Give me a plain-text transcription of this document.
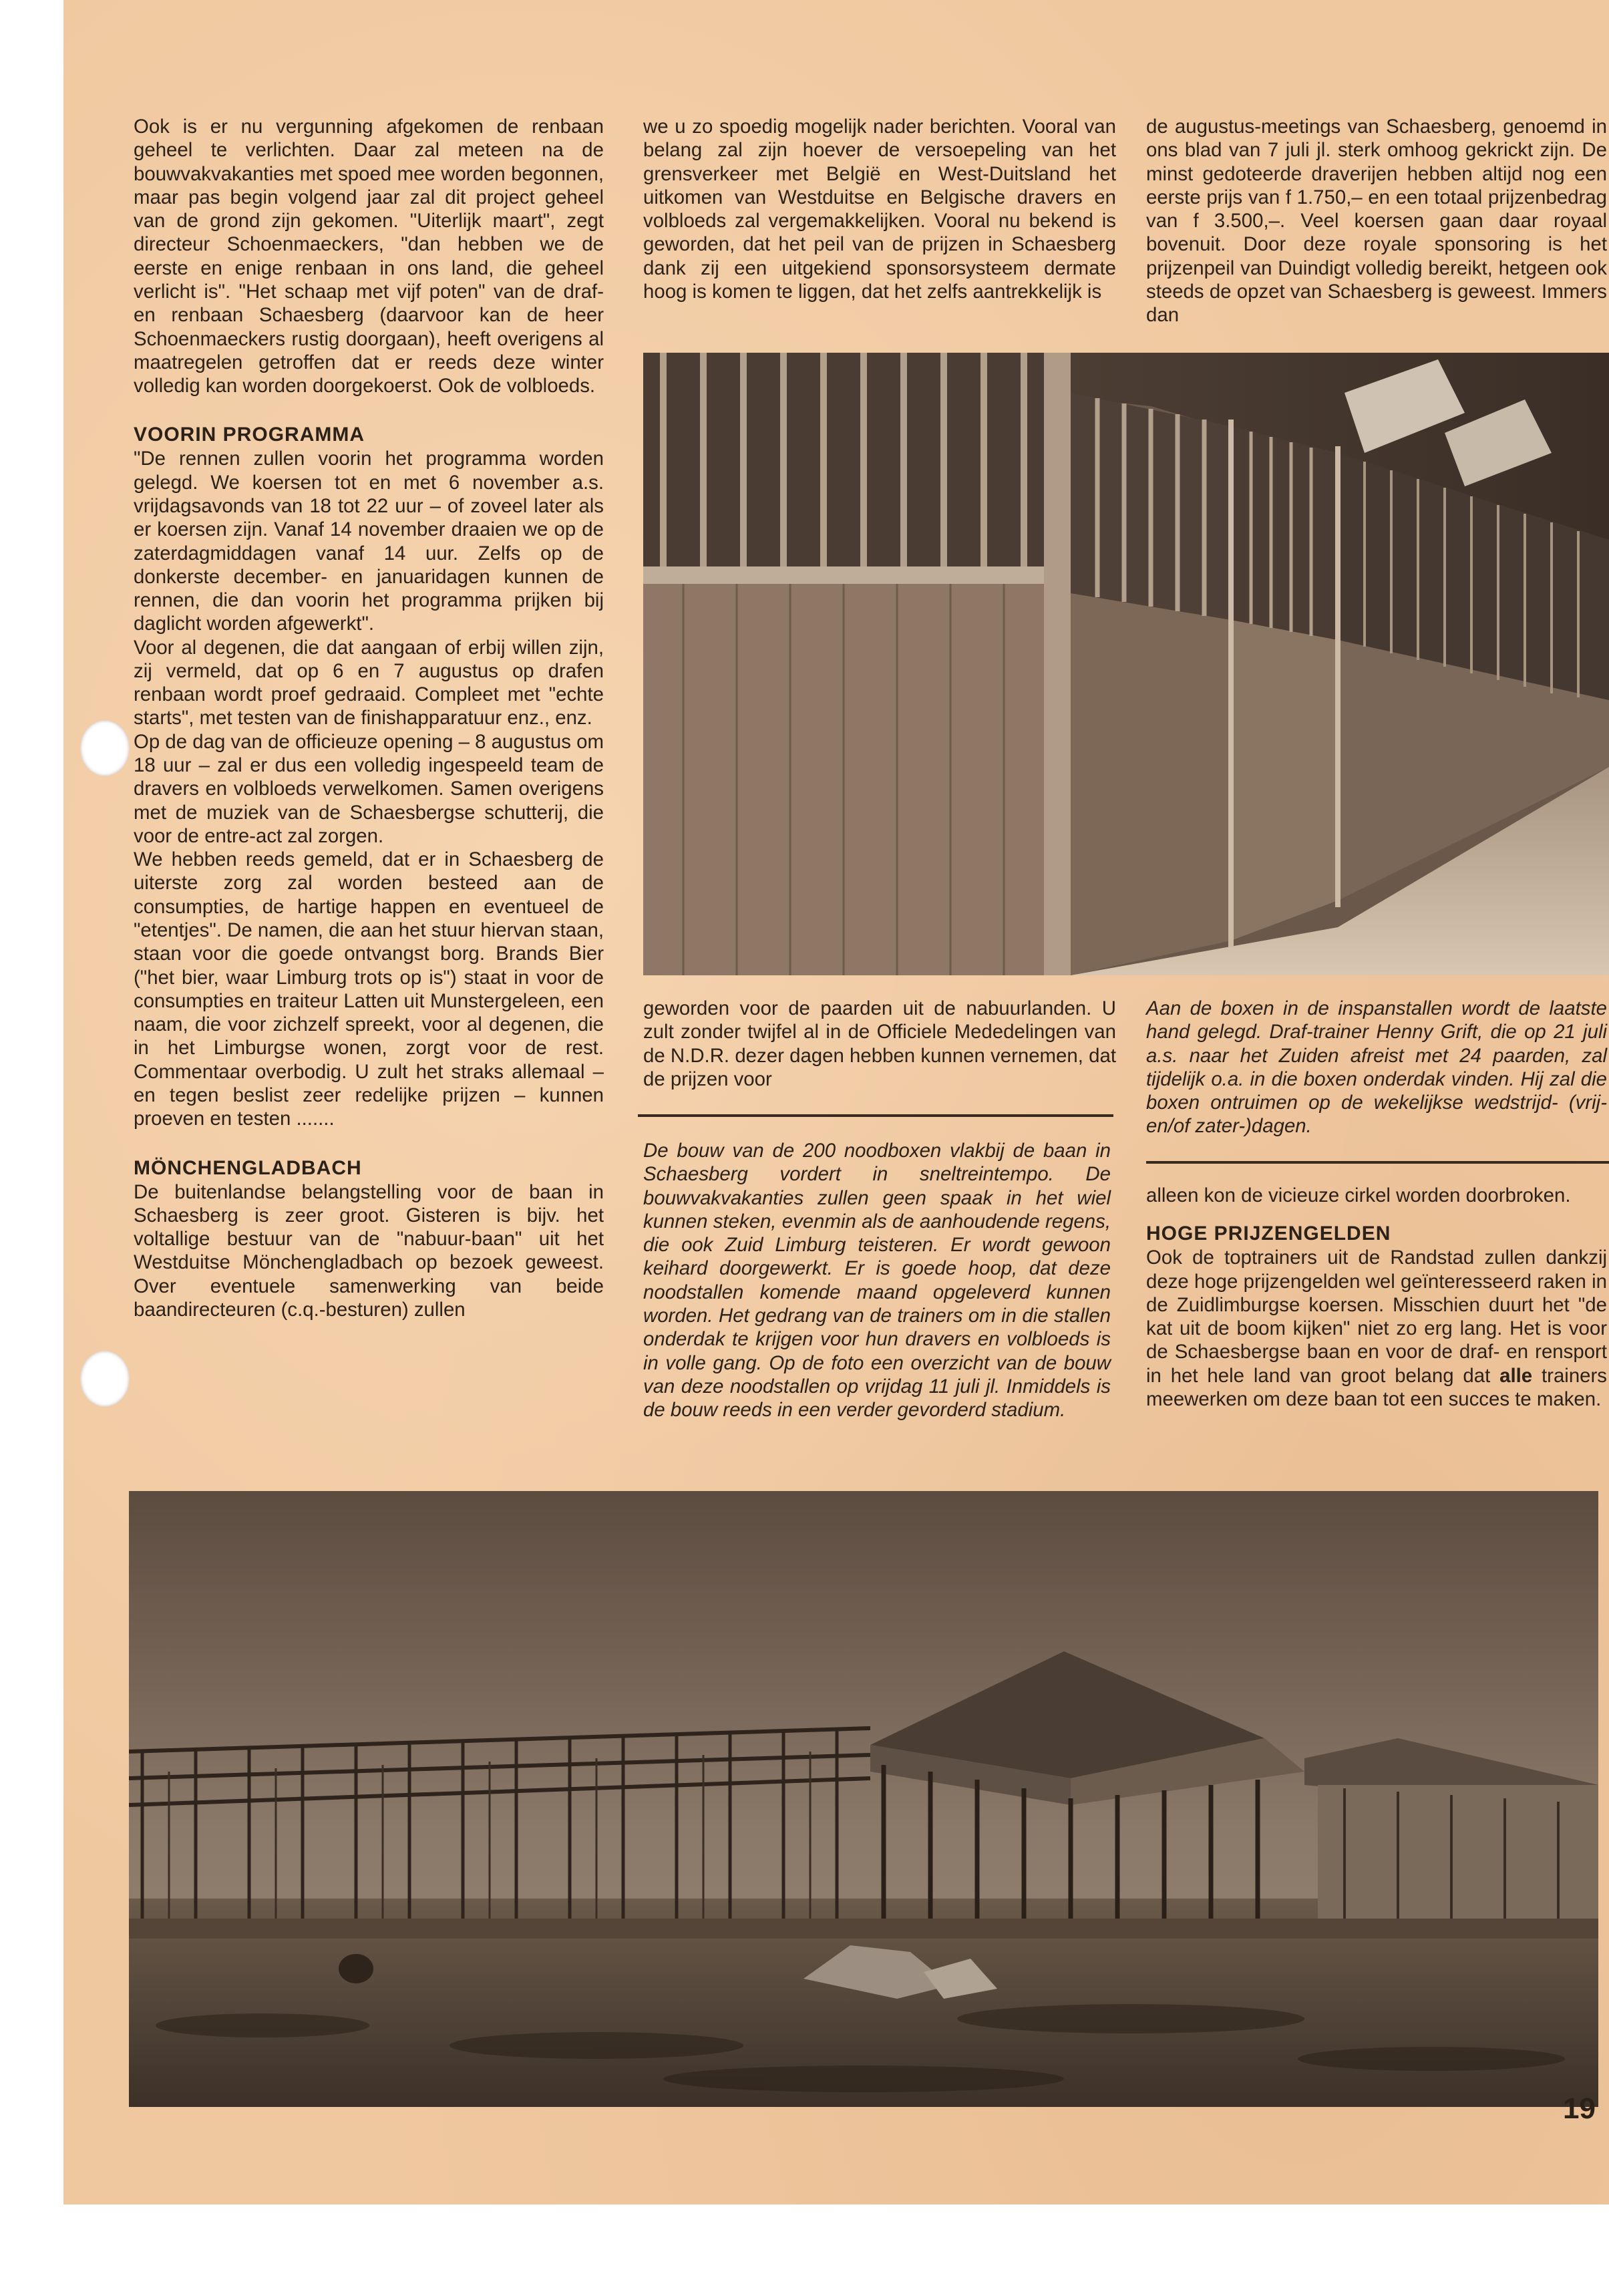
Ook is er nu vergunning afgekomen de renbaan geheel te verlichten. Daar zal meteen na de bouwvakvakanties met spoed mee worden begonnen, maar pas begin volgend jaar zal dit project geheel van de grond zijn gekomen. "Uiterlijk maart", zegt directeur Schoenmaeckers, "dan hebben we de eerste en enige renbaan in ons land, die geheel verlicht is". "Het schaap met vijf poten" van de draf- en renbaan Schaesberg (daarvoor kan de heer Schoenmaeckers rustig doorgaan), heeft overigens al maatregelen getroffen dat er reeds deze winter volledig kan worden doorgekoerst. Ook de volbloeds.

VOORIN PROGRAMMA

"De rennen zullen voorin het programma worden gelegd. We koersen tot en met 6 november a.s. vrijdagsavonds van 18 tot 22 uur – of zoveel later als er koersen zijn. Vanaf 14 november draaien we op de zaterdagmiddagen vanaf 14 uur. Zelfs op de donkerste december- en januaridagen kunnen de rennen, die dan voorin het programma prijken bij daglicht worden afgewerkt".

Voor al degenen, die dat aangaan of erbij willen zijn, zij vermeld, dat op 6 en 7 augustus op drafen renbaan wordt proef gedraaid. Compleet met "echte starts", met testen van de finishapparatuur enz., enz.

Op de dag van de officieuze opening – 8 augustus om 18 uur – zal er dus een volledig ingespeeld team de dravers en volbloeds verwelkomen. Samen overigens met de muziek van de Schaesbergse schutterij, die voor de entre-act zal zorgen.

We hebben reeds gemeld, dat er in Schaesberg de uiterste zorg zal worden besteed aan de consumpties, de hartige happen en eventueel de "etentjes". De namen, die aan het stuur hiervan staan, staan voor die goede ontvangst borg. Brands Bier ("het bier, waar Limburg trots op is") staat in voor de consumpties en traiteur Latten uit Munstergeleen, een naam, die voor zichzelf spreekt, voor al degenen, die in het Limburgse wonen, zorgt voor de rest. Commentaar overbodig. U zult het straks allemaal – en tegen beslist zeer redelijke prijzen – kunnen proeven en testen .......

MÖNCHENGLADBACH

De buitenlandse belangstelling voor de baan in Schaesberg is zeer groot. Gisteren is bijv. het voltallige bestuur van de "nabuur-baan" uit het Westduitse Mönchengladbach op bezoek geweest. Over eventuele samenwerking van beide baandirecteuren (c.q.-besturen) zullen

we u zo spoedig mogelijk nader berichten. Vooral van belang zal zijn hoever de versoepeling van het grensverkeer met België en West-Duitsland het uitkomen van Westduitse en Belgische dravers en volbloeds zal vergemakkelijken. Vooral nu bekend is geworden, dat het peil van de prijzen in Schaesberg dank zij een uitgekiend sponsorsysteem dermate hoog is komen te liggen, dat het zelfs aantrekkelijk is

de augustus-meetings van Schaesberg, genoemd in ons blad van 7 juli jl. sterk omhoog gekrickt zijn. De minst gedoteerde draverijen hebben altijd nog een eerste prijs van f 1.750,– en een totaal prijzenbedrag van f 3.500,–. Veel koersen gaan daar royaal bovenuit. Door deze royale sponsoring is het prijzenpeil van Duindigt volledig bereikt, hetgeen ook steeds de opzet van Schaesberg is geweest. Immers dan

geworden voor de paarden uit de nabuurlanden. U zult zonder twijfel al in de Officiele Mededelingen van de N.D.R. dezer dagen hebben kunnen vernemen, dat de prijzen voor

Aan de boxen in de inspanstallen wordt de laatste hand gelegd. Draf-trainer Henny Grift, die op 21 juli a.s. naar het Zuiden afreist met 24 paarden, zal tijdelijk o.a. in die boxen onderdak vinden. Hij zal die boxen ontruimen op de wekelijkse wedstrijd- (vrij- en/of zater-)dagen.

De bouw van de 200 noodboxen vlakbij de baan in Schaesberg vordert in sneltreintempo. De bouwvakvakanties zullen geen spaak in het wiel kunnen steken, evenmin als de aanhoudende regens, die ook Zuid Limburg teisteren. Er wordt gewoon keihard doorgewerkt. Er is goede hoop, dat deze noodstallen komende maand opgeleverd kunnen worden. Het gedrang van de trainers om in die stallen onderdak te krijgen voor hun dravers en volbloeds is in volle gang. Op de foto een overzicht van de bouw van deze noodstallen op vrijdag 11 juli jl. Inmiddels is de bouw reeds in een verder gevorderd stadium.

alleen kon de vicieuze cirkel worden doorbroken.

HOGE PRIJZENGELDEN

Ook de toptrainers uit de Randstad zullen dankzij deze hoge prijzengelden wel geïnteresseerd raken in de Zuidlimburgse koersen. Misschien duurt het "de kat uit de boom kijken" niet zo erg lang. Het is voor de Schaesbergse baan en voor de draf- en rensport in het hele land van groot belang dat alle trainers meewerken om deze baan tot een succes te maken.

19
